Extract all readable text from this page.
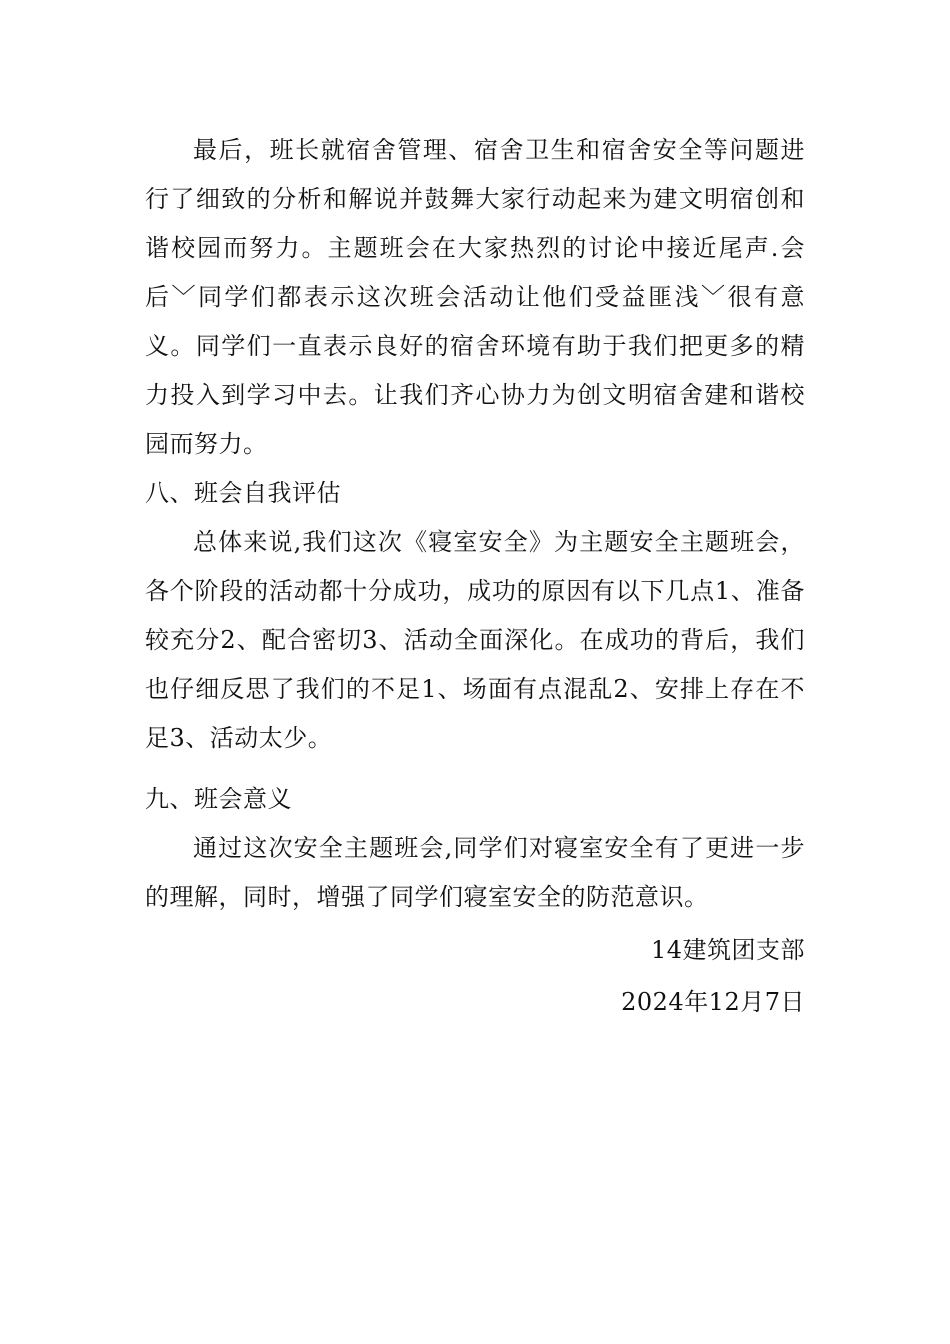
最后，班长就宿舍管理、宿舍卫生和宿舍安全等问题进行了细致的分析和解说并鼓舞大家行动起来为建文明宿创和谐校园而努力。主题班会在大家热烈的讨论中接近尾声.会后﹀同学们都表示这次班会活动让他们受益匪浅﹀很有意义。同学们一直表示良好的宿舍环境有助于我们把更多的精力投入到学习中去。让我们齐心协力为创文明宿舍建和谐校园而努力。

八、班会自我评估

总体来说,我们这次《寝室安全》为主题安全主题班会，各个阶段的活动都十分成功，成功的原因有以下几点1、准备较充分2、配合密切3、活动全面深化。在成功的背后，我们也仔细反思了我们的不足1、场面有点混乱2、安排上存在不足3、活动太少。

九、班会意义

通过这次安全主题班会,同学们对寝室安全有了更进一步的理解，同时，增强了同学们寝室安全的防范意识。

14建筑团支部

2024年12月7日
